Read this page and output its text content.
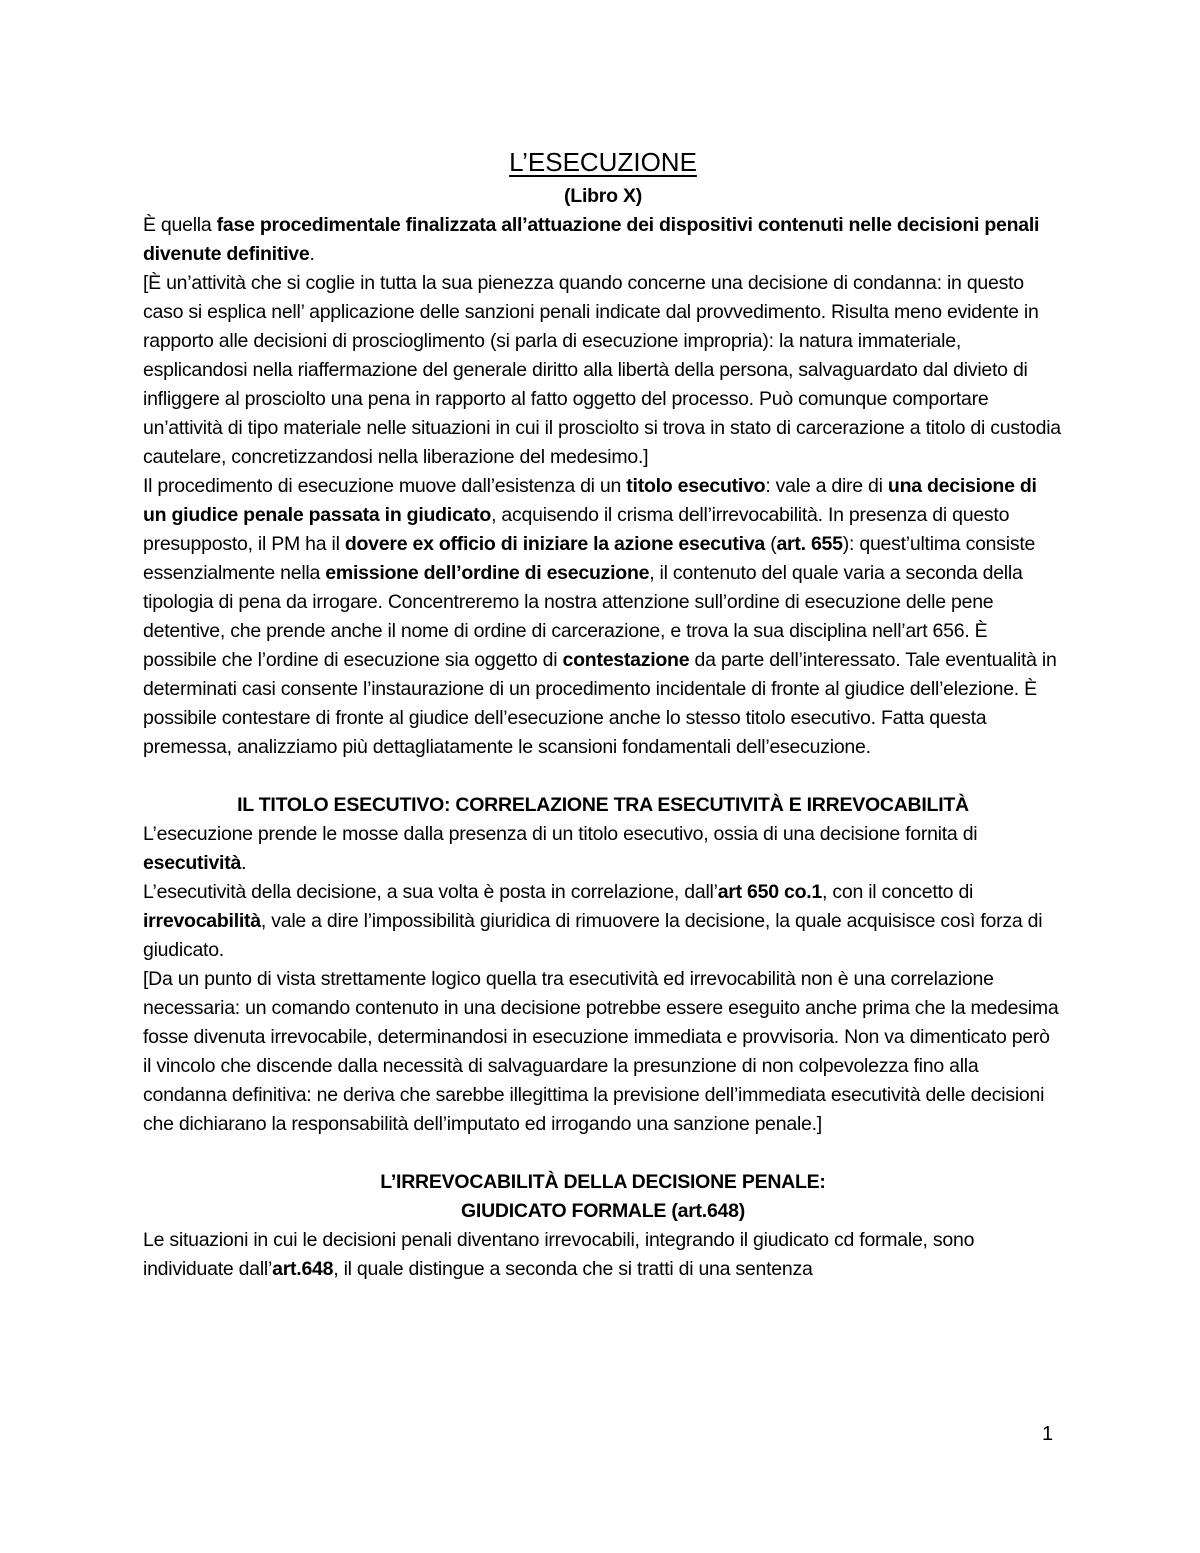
L’ESECUZIONE

(Libro X)

È quella fase procedimentale finalizzata all’attuazione dei dispositivi contenuti nelle decisioni penali divenute definitive.

[È un’attività che si coglie in tutta la sua pienezza quando concerne una decisione di condanna: in questo caso si esplica nell’ applicazione delle sanzioni penali indicate dal provvedimento. Risulta meno evidente in rapporto alle decisioni di proscioglimento (si parla di esecuzione impropria): la natura immateriale, esplicandosi nella riaffermazione del generale diritto alla libertà della persona, salvaguardato dal divieto di infliggere al prosciolto una pena in rapporto al fatto oggetto del processo. Può comunque comportare un’attività di tipo materiale nelle situazioni in cui il prosciolto si trova in stato di carcerazione a titolo di custodia cautelare, concretizzandosi nella liberazione del medesimo.]

Il procedimento di esecuzione muove dall’esistenza di un titolo esecutivo: vale a dire di una decisione di un giudice penale passata in giudicato, acquisendo il crisma dell’irrevocabilità. In presenza di questo presupposto, il PM ha il dovere ex officio di iniziare la azione esecutiva (art. 655): quest’ultima consiste essenzialmente nella emissione dell’ordine di esecuzione, il contenuto del quale varia a seconda della tipologia di pena da irrogare. Concentreremo la nostra attenzione sull’ordine di esecuzione delle pene detentive, che prende anche il nome di ordine di carcerazione, e trova la sua disciplina nell’art 656. È possibile che l’ordine di esecuzione sia oggetto di contestazione da parte dell’interessato. Tale eventualità in determinati casi consente l’instaurazione di un procedimento incidentale di fronte al giudice dell’elezione. È possibile contestare di fronte al giudice dell’esecuzione anche lo stesso titolo esecutivo. Fatta questa premessa, analizziamo più dettagliatamente le scansioni fondamentali dell’esecuzione.

IL TITOLO ESECUTIVO: CORRELAZIONE TRA ESECUTIVITÀ E IRREVOCABILITÀ

L’esecuzione prende le mosse dalla presenza di un titolo esecutivo, ossia di una decisione fornita di esecutività.

L’esecutività della decisione, a sua volta è posta in correlazione, dall’art 650 co.1, con il concetto di irrevocabilità, vale a dire l’impossibilità giuridica di rimuovere la decisione, la quale acquisisce così forza di giudicato.

[Da un punto di vista strettamente logico quella tra esecutività ed irrevocabilità non è una correlazione necessaria: un comando contenuto in una decisione potrebbe essere eseguito anche prima che la medesima fosse divenuta irrevocabile, determinandosi in esecuzione immediata e provvisoria. Non va dimenticato però il vincolo che discende dalla necessità di salvaguardare la presunzione di non colpevolezza fino alla condanna definitiva: ne deriva che sarebbe illegittima la previsione dell’immediata esecutività delle decisioni che dichiarano la responsabilità dell’imputato ed irrogando una sanzione penale.]

L’IRREVOCABILITÀ DELLA DECISIONE PENALE:

GIUDICATO FORMALE (art.648)

Le situazioni in cui le decisioni penali diventano irrevocabili, integrando il giudicato cd formale, sono individuate dall’art.648, il quale distingue a seconda che si tratti di una sentenza

1
